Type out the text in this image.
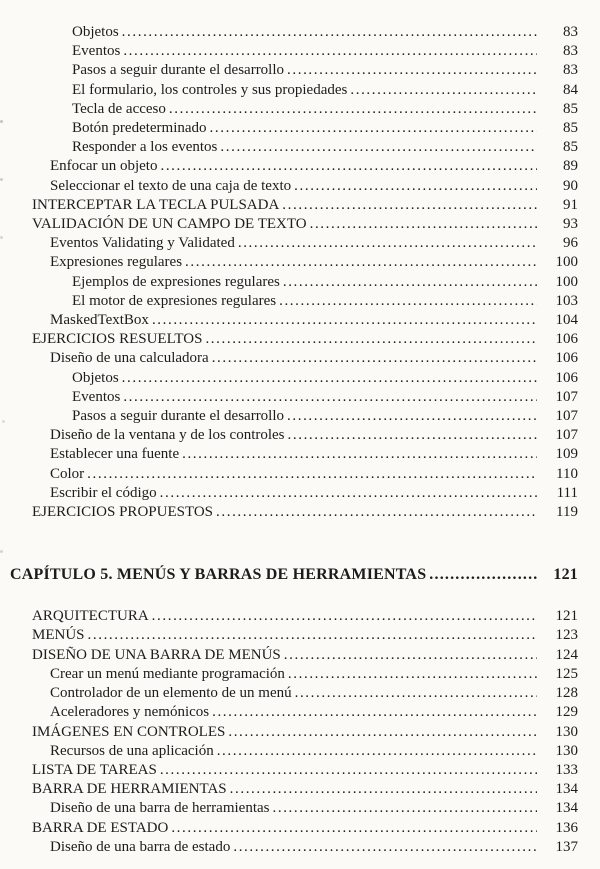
Objetos .....	83
Eventos .....	83
Pasos a seguir durante el desarrollo .....	83
El formulario, los controles y sus propiedades .....	84
Tecla de acceso .....	85
Botón predeterminado .....	85
Responder a los eventos .....	85
Enfocar un objeto .....	89
Seleccionar el texto de una caja de texto .....	90
INTERCEPTAR LA TECLA PULSADA .....	91
VALIDACIÓN DE UN CAMPO DE TEXTO .....	93
Eventos Validating y Validated .....	96
Expresiones regulares .....	100
Ejemplos de expresiones regulares .....	100
El motor de expresiones regulares .....	103
MaskedTextBox .....	104
EJERCICIOS RESUELTOS .....	106
Diseño de una calculadora .....	106
Objetos .....	106
Eventos .....	107
Pasos a seguir durante el desarrollo .....	107
Diseño de la ventana y de los controles .....	107
Establecer una fuente .....	109
Color .....	110
Escribir el código .....	111
EJERCICIOS PROPUESTOS .....	119
CAPÍTULO 5. MENÚS Y BARRAS DE HERRAMIENTAS .....	121
ARQUITECTURA .....	121
MENÚS .....	123
DISEÑO DE UNA BARRA DE MENÚS .....	124
Crear un menú mediante programación .....	125
Controlador de un elemento de un menú .....	128
Aceleradores y nemónicos .....	129
IMÁGENES EN CONTROLES .....	130
Recursos de una aplicación .....	130
LISTA DE TAREAS .....	133
BARRA DE HERRAMIENTAS .....	134
Diseño de una barra de herramientas .....	134
BARRA DE ESTADO .....	136
Diseño de una barra de estado .....	137
